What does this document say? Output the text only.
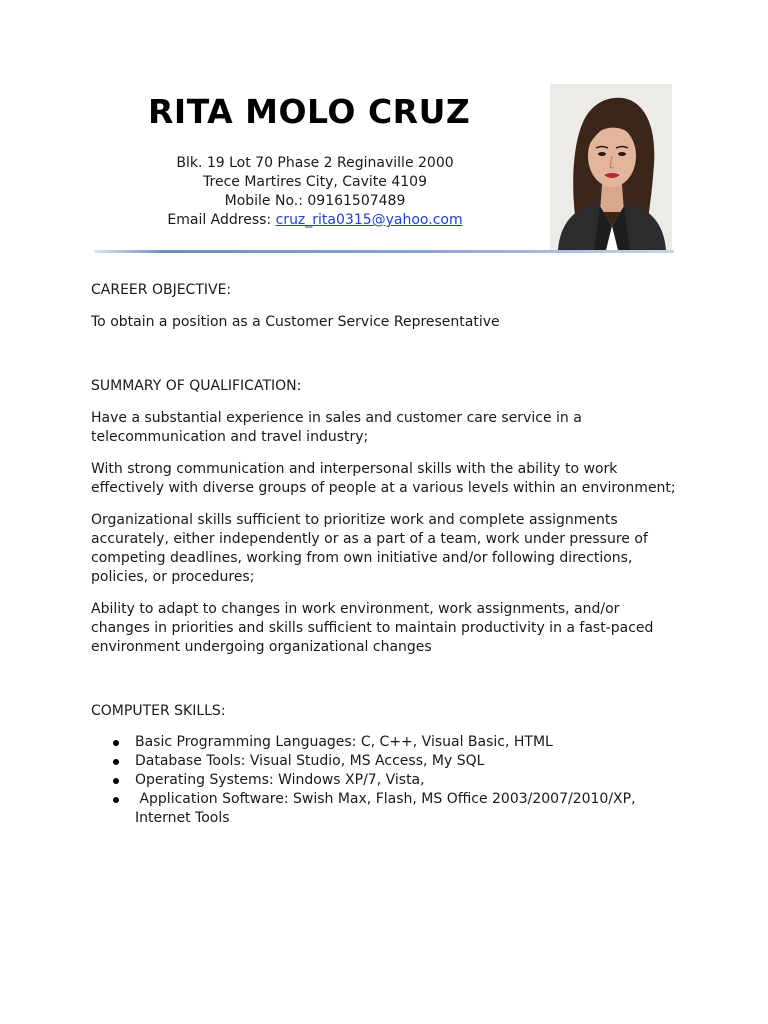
RITA MOLO CRUZ
Blk. 19 Lot 70 Phase 2 Reginaville 2000
Trece Martires City, Cavite 4109
Mobile No.: 09161507489
Email Address: cruz_rita0315@yahoo.com

CAREER OBJECTIVE:

To obtain a position as a Customer Service Representative

SUMMARY OF QUALIFICATION:

Have a substantial experience in sales and customer care service in a telecommunication and travel industry;

With strong communication and interpersonal skills with the ability to work effectively with diverse groups of people at a various levels within an environment;

Organizational skills sufficient to prioritize work and complete assignments accurately, either independently or as a part of a team, work under pressure of competing deadlines, working from own initiative and/or following directions, policies, or procedures;

Ability to adapt to changes in work environment, work assignments, and/or changes in priorities and skills sufficient to maintain productivity in a fast-paced environment undergoing organizational changes

COMPUTER SKILLS:

Basic Programming Languages: C, C++, Visual Basic, HTML
Database Tools: Visual Studio, MS Access, My SQL
Operating Systems: Windows XP/7, Vista,
Application Software: Swish Max, Flash, MS Office 2003/2007/2010/XP, Internet Tools
